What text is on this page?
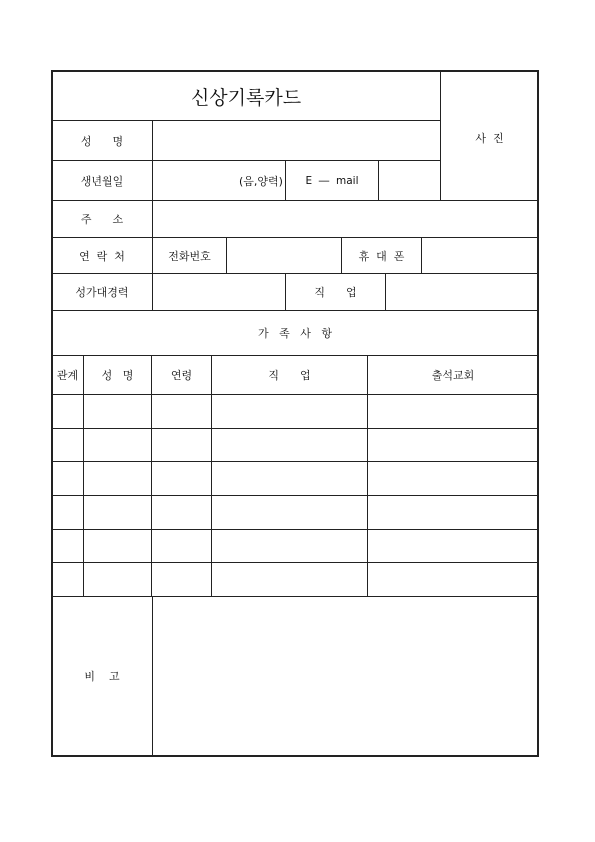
신상기록카드
사  진
성      명
생년월일	(음,양력)	E  ―  mail
주      소
연  락  처	전화번호	휴  대  폰
성가대경력	직      업
가   족   사   항
관계	성   명	연령	직      업	출석교회
비    고
